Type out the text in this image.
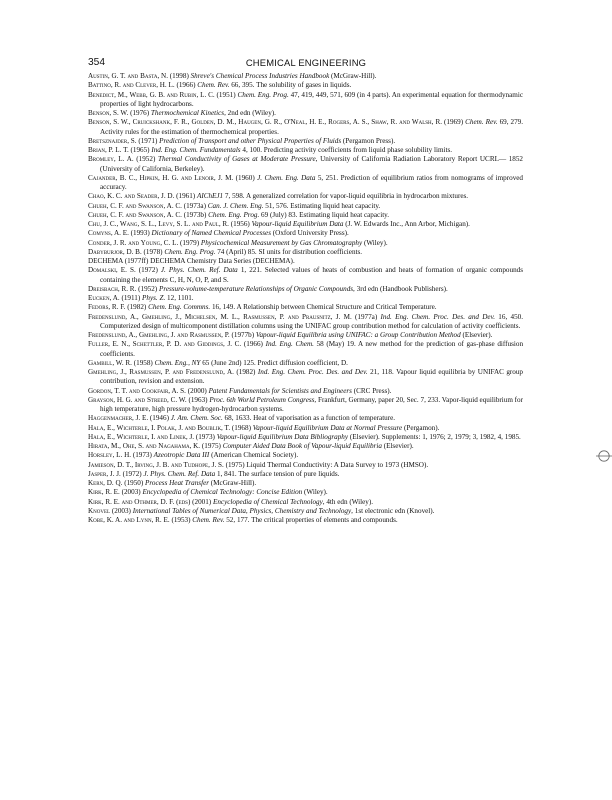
354	CHEMICAL ENGINEERING

Austin, G. T. and Basta, N. (1998) Shreve's Chemical Process Industries Handbook (McGraw-Hill).

Battino, R. and Clever, H. L. (1966) Chem. Rev. 66, 395. The solubility of gases in liquids.

Benedict, M., Webb, G. B. and Rubin, L. C. (1951) Chem. Eng. Prog. 47, 419, 449, 571, 609 (in 4 parts). An experimental equation for thermodynamic properties of light hydrocarbons.

Benson, S. W. (1976) Thermochemical Kinetics, 2nd edn (Wiley).

Benson, S. W., Cruickshank, F. R., Golden, D. M., Haugen, G. R., O'Neal, H. E., Rogers, A. S., Shaw, R. and Walsh, R. (1969) Chem. Rev. 69, 279. Activity rules for the estimation of thermochemical properties.

Bretsznajder, S. (1971) Prediction of Transport and other Physical Properties of Fluids (Pergamon Press).

Brian, P. L. T. (1965) Ind. Eng. Chem. Fundamentals 4, 100. Predicting activity coefficients from liquid phase solubility limits.

Bromley, L. A. (1952) Thermal Conductivity of Gases at Moderate Pressure, University of California Radiation Laboratory Report UCRL— 1852 (University of California, Berkeley).

Cajander, B. C., Hipkin, H. G. and Lenoir, J. M. (1960) J. Chem. Eng. Data 5, 251. Prediction of equilibrium ratios from nomograms of improved accuracy.

Chao, K. C. and Seader, J. D. (1961) AIChEJ1 7, 598. A generalized correlation for vapor-liquid equilibria in hydrocarbon mixtures.

Chueh, C. F. and Swanson, A. C. (1973a) Can. J. Chem. Eng. 51, 576. Estimating liquid heat capacity.

Chueh, C. F. and Swanson, A. C. (1973b) Chem. Eng. Prog. 69 (July) 83. Estimating liquid heat capacity.

Chu, J. C., Wang, S. L., Levy, S. L. and Paul, R. (1956) Vapour-liquid Equilibrium Data (J. W. Edwards Inc., Ann Arbor, Michigan).

Comyns, A. E. (1993) Dictionary of Named Chemical Processes (Oxford University Press).

Conder, J. R. and Young, C. L. (1979) Physicochemical Measurement by Gas Chromatography (Wiley).

Dabyburjor, D. B. (1978) Chem. Eng. Prog. 74 (April) 85. SI units for distribution coefficients.

DECHEMA (1977ff) DECHEMA Chemistry Data Series (DECHEMA).

Domalski, E. S. (1972) J. Phys. Chem. Ref. Data 1, 221. Selected values of heats of combustion and heats of formation of organic compounds containing the elements C, H, N, O, P, and S.

Dreisbach, R. R. (1952) Pressure-volume-temperature Relationships of Organic Compounds, 3rd edn (Handbook Publishers).

Eucken, A. (1911) Phys. Z. 12, 1101.

Fedors, R. F. (1982) Chem. Eng. Commns. 16, 149. A Relationship between Chemical Structure and Critical Temperature.

Fredenslund, A., Gmehling, J., Michelsen, M. L., Rasmussen, P. and Prausnitz, J. M. (1977a) Ind. Eng. Chem. Proc. Des. and Dev. 16, 450. Computerized design of multicomponent distillation columns using the UNIFAC group contribution method for calculation of activity coefficients.

Fredenslund, A., Gmehling, J. and Rasmussen, P. (1977b) Vapour-liquid Equilibria using UNIFAC: a Group Contribution Method (Elsevier).

Fuller, E. N., Schettler, P. D. and Giddings, J. C. (1966) Ind. Eng. Chem. 58 (May) 19. A new method for the prediction of gas-phase diffusion coefficients.

Gambill, W. R. (1958) Chem. Eng., NY 65 (June 2nd) 125. Predict diffusion coefficient, D.

Gmehling, J., Rasmussen, P. and Fredenslund, A. (1982) Ind. Eng. Chem. Proc. Des. and Dev. 21, 118. Vapour liquid equilibria by UNIFAC group contribution, revision and extension.

Gordon, T. T. and Cookfair, A. S. (2000) Patent Fundamentals for Scientists and Engineers (CRC Press).

Grayson, H. G. and Streed, C. W. (1963) Proc. 6th World Petroleum Congress, Frankfurt, Germany, paper 20, Sec. 7, 233. Vapor-liquid equilibrium for high temperature, high pressure hydrogen-hydrocarbon systems.

Haggenmacher, J. E. (1946) J. Am. Chem. Soc. 68, 1633. Heat of vaporisation as a function of temperature.

Hala, E., Wichterle, I. Polak, J. and Boublik, T. (1968) Vapour-liquid Equilibrium Data at Normal Pressure (Pergamon).

Hala, E., Wichterle, I. and Linek, J. (1973) Vapour-liquid Equilibrium Data Bibliography (Elsevier). Supplements: 1, 1976; 2, 1979; 3, 1982, 4, 1985.

Hirata, M., Ohe, S. and Nagahama, K. (1975) Computer Aided Data Book of Vapour-liquid Equilibria (Elsevier).

Horsley, L. H. (1973) Azeotropic Data III (American Chemical Society).

Jamieson, D. T., Irving, J. B. and Tudhope, J. S. (1975) Liquid Thermal Conductivity: A Data Survey to 1973 (HMSO).

Jasper, J. J. (1972) J. Phys. Chem. Ref. Data 1, 841. The surface tension of pure liquids.

Kern, D. Q. (1950) Process Heat Transfer (McGraw-Hill).

Kirk, R. E. (2003) Encyclopedia of Chemical Technology: Concise Edition (Wiley).

Kirk, R. E. and Othmer, D. F. (eds) (2001) Encyclopedia of Chemical Technology, 4th edn (Wiley).

Knovel (2003) International Tables of Numerical Data, Physics, Chemistry and Technology, 1st electronic edn (Knovel).

Kobe, K. A. and Lynn, R. E. (1953) Chem. Rev. 52, 177. The critical properties of elements and compounds.
